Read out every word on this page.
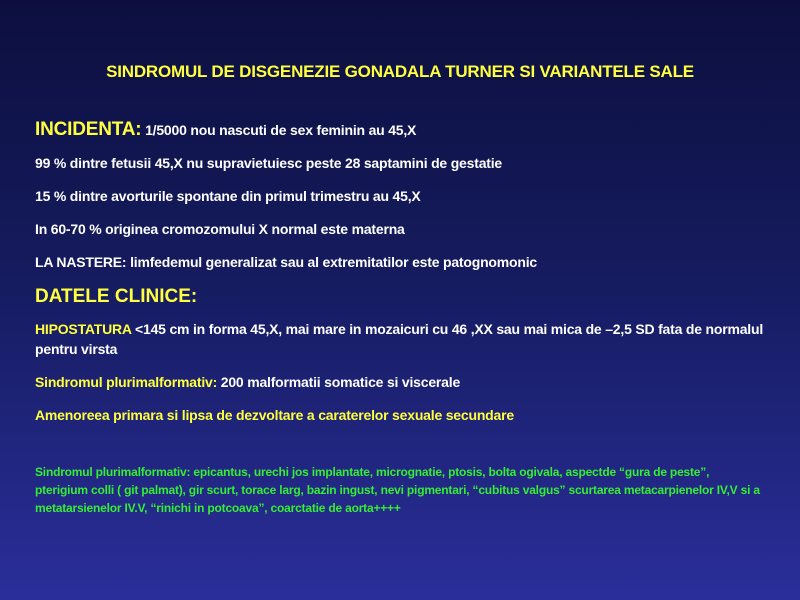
SINDROMUL DE DISGENEZIE GONADALA TURNER SI VARIANTELE SALE

INCIDENTA: 1/5000 nou nascuti de sex feminin au 45,X

99 % dintre fetusii 45,X nu supravietuiesc peste 28 saptamini de gestatie

15 % dintre avorturile spontane din primul trimestru au 45,X

In 60-70 % originea cromozomului X normal este materna

LA NASTERE: limfedemul generalizat sau al extremitatilor este patognomonic

DATELE CLINICE:

HIPOSTATURA <145 cm in forma 45,X, mai mare in mozaicuri cu 46 ,XX sau mai mica de –2,5 SD fata de normalul pentru virsta

Sindromul plurimalformativ: 200 malformatii somatice si viscerale

Amenoreea primara si lipsa de dezvoltare a caraterelor sexuale secundare

Sindromul plurimalformativ: epicantus, urechi jos implantate, micrognatie, ptosis, bolta ogivala, aspectde “gura de peste”, pterigium colli ( git palmat), gir scurt, torace larg, bazin ingust, nevi pigmentari, “cubitus valgus” scurtarea metacarpienelor IV,V si a metatarsienelor IV.V, “rinichi in potcoava”, coarctatie de aorta++++
